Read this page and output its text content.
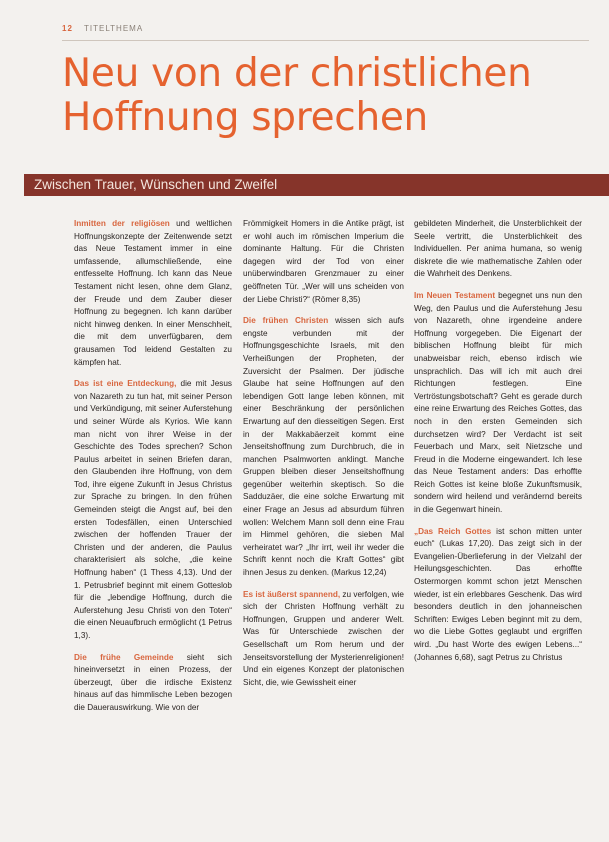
12 TITELTHEMA
Neu von der christlichen Hoffnung sprechen
Zwischen Trauer, Wünschen und Zweifel

Inmitten der religiösen und weltlichen Hoffnungskonzepte der Zeitenwende setzt das Neue Testament immer in eine umfassende, allumschließende, eine entfesselte Hoffnung. Ich kann das Neue Testament nicht lesen, ohne dem Glanz, der Freude und dem Zauber dieser Hoffnung zu begegnen. Ich kann darüber nicht hinweg denken. In einer Menschheit, die mit dem unverfügbaren, dem grausamen Tod leidend Gestalten zu kämpfen hat.

Das ist eine Entdeckung, die mit Jesus von Nazareth zu tun hat, mit seiner Person und Verkündigung, mit seiner Auferstehung und seiner Würde als Kyrios. Wie kann man nicht von ihrer Weise in der Geschichte des Todes sprechen? Schon Paulus arbeitet in seinen Briefen daran, den Glaubenden ihre Hoffnung, von dem Tod, ihre eigene Zukunft in Jesus Christus zur Sprache zu bringen. In den frühen Gemeinden steigt die Angst auf, bei den ersten Todesfällen, einen Unterschied zwischen der hoffenden Trauer der Christen und der anderen, die Paulus charakterisiert als solche, „die keine Hoffnung haben“ (1 Thess 4,13). Und der 1. Petrusbrief beginnt mit einem Gotteslob für die „lebendige Hoffnung, durch die Auferstehung Jesu Christi von den Toten“ die einen Neuaufbruch ermöglicht (1 Petrus 1,3).

Die frühe Gemeinde sieht sich hineinversetzt in einen Prozess, der überzeugt, über die irdische Existenz hinaus auf das himmlische Leben bezogen die Dauerauswirkung. Wie von der

Frömmigkeit Homers in die Antike prägt, ist er wohl auch im römischen Imperium die dominante Haltung. Für die Christen dagegen wird der Tod von einer unüberwindbaren Grenzmauer zu einer geöffneten Tür. „Wer will uns scheiden von der Liebe Christi?“ (Römer 8,35)

Die frühen Christen wissen sich aufs engste verbunden mit der Hoffnungsgeschichte Israels, mit den Verheißungen der Propheten, der Zuversicht der Psalmen. Der jüdische Glaube hat seine Hoffnungen auf den lebendigen Gott lange leben können, mit einer Beschränkung der persönlichen Erwartung auf den diesseitigen Segen. Erst in der Makkabäerzeit kommt eine Jenseitshoffnung zum Durchbruch, die in manchen Psalmworten anklingt. Manche Gruppen bleiben dieser Jenseitshoffnung gegenüber weiterhin skeptisch. So die Sadduzäer, die eine solche Erwartung mit einer Frage an Jesus ad absurdum führen wollen: Welchem Mann soll denn eine Frau im Himmel gehören, die sieben Mal verheiratet war? „Ihr irrt, weil ihr weder die Schrift kennt noch die Kraft Gottes“ gibt ihnen Jesus zu denken. (Markus 12,24)

Es ist äußerst spannend, zu verfolgen, wie sich der Christen Hoffnung verhält zu Hoffnungen, Gruppen und anderer Welt. Was für Unterschiede zwischen der Gesellschaft um Rom herum und der Jenseitsvorstellung der Mysterienreligionen! Und ein eigenes Konzept der platonischen Sicht, die, wie Gewissheit einer

gebildeten Minderheit, die Unsterblichkeit der Seele vertritt, die Unsterblichkeit des Individuellen. Per anima humana, so wenig diskrete die wie mathematische Zahlen oder die Wahrheit des Denkens.

Im Neuen Testament begegnet uns nun den Weg, den Paulus und die Auferstehung Jesu von Nazareth, ohne irgendeine andere Hoffnung vorgegeben. Die Eigenart der biblischen Hoffnung bleibt für mich unabweisbar reich, ebenso irdisch wie unsprachlich. Das will ich mit auch drei Richtungen festlegen. Eine Vertröstungsbotschaft? Geht es gerade durch eine reine Erwartung des Reiches Gottes, das noch in den ersten Gemeinden sich durchsetzen wird? Der Verdacht ist seit Feuerbach und Marx, seit Nietzsche und Freud in die Moderne eingewandert. Ich lese das Neue Testament anders: Das erhoffte Reich Gottes ist keine bloße Zukunftsmusik, sondern wird heilend und verändernd bereits in die Gegenwart hinein.

„Das Reich Gottes ist schon mitten unter euch“ (Lukas 17,20). Das zeigt sich in der Evangelien-Überlieferung in der Vielzahl der Heilungsgeschichten. Das erhoffte Ostermorgen kommt schon jetzt Menschen wieder, ist ein erlebbares Geschenk. Das wird besonders deutlich in den johanneischen Schriften: Ewiges Leben beginnt mit zu dem, wo die Liebe Gottes geglaubt und ergriffen wird. „Du hast Worte des ewigen Lebens...“ (Johannes 6,68), sagt Petrus zu Christus
